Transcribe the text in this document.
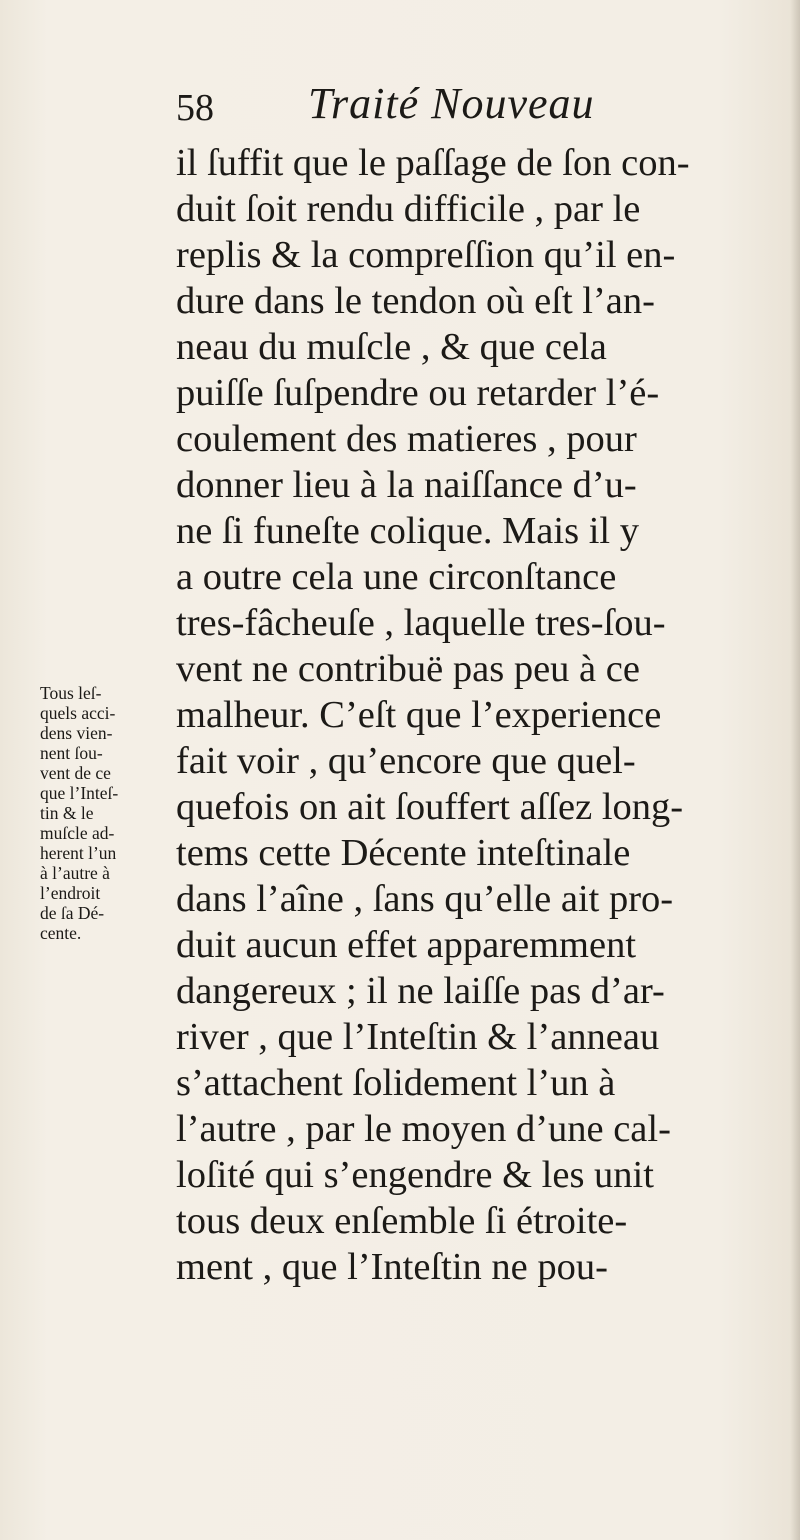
58 Traité Nouveau
il ſuffit que le paſſage de ſon con-
duit ſoit rendu difficile , par le
replis & la compreſſion qu’il en-
dure dans le tendon où eſt l’an-
neau du muſcle , & que cela
puiſſe ſuſpendre ou retarder l’é-
coulement des matieres , pour
donner lieu à la naiſſance d’u-
ne ſi funeſte colique. Mais il y
a outre cela une circonſtance
tres-fâcheuſe , laquelle tres-ſou-
vent ne contribuë pas peu à ce
malheur. C’eſt que l’experience
fait voir , qu’encore que quel-
quefois on ait ſouffert aſſez long-
tems cette Décente inteſtinale
dans l’aîne , ſans qu’elle ait pro-
duit aucun effet apparemment
dangereux ; il ne laiſſe pas d’ar-
river , que l’Inteſtin & l’anneau
s’attachent ſolidement l’un à
l’autre , par le moyen d’une cal-
loſité qui s’engendre & les unit
tous deux enſemble ſi étroite-
ment , que l’Inteſtin ne pou-
Tous leſ-
quels acci-
dens vien-
nent ſou-
vent de ce
que l’Inteſ-
tin & le
muſcle ad-
herent l’un
à l’autre à
l’endroit
de ſa Dé-
cente.
